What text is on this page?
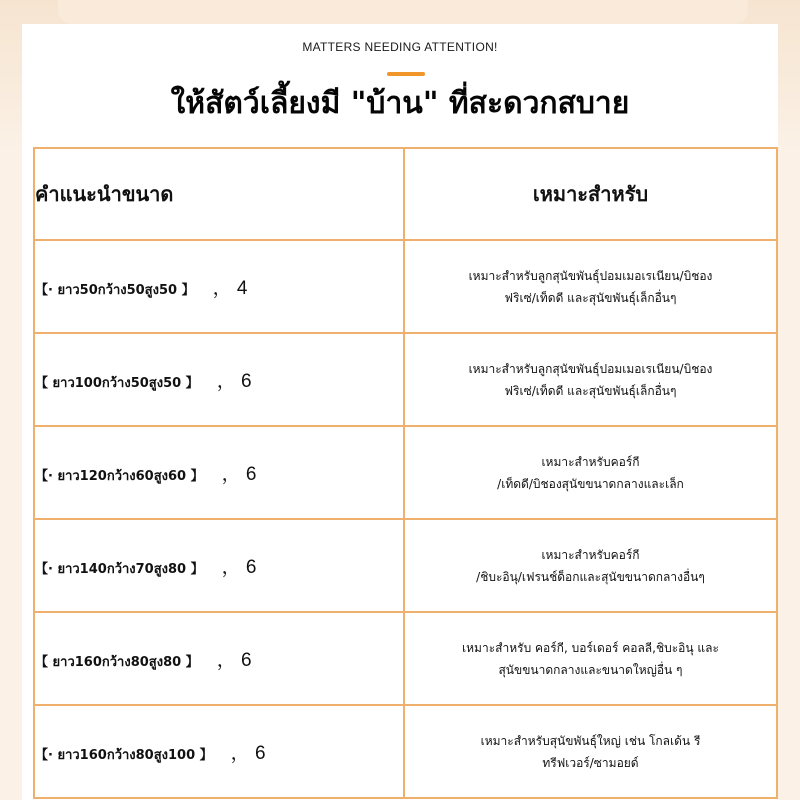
MATTERS NEEDING ATTENTION!
ให้สัตว์เลี้ยงมี "บ้าน" ที่สะดวกสบาย
คำแนะนำขนาด	เหมาะสำหรับ
【· ยาว50กว้าง50สูง50 】 ， 4	เหมาะสำหรับลูกสุนัขพันธุ์ปอมเมอเรเนียน/บิชอง
ฟริเซ่/เท็ดดี และสุนัขพันธุ์เล็กอื่นๆ

【 ยาว100กว้าง50สูง50 】 ， 6	เหมาะสำหรับลูกสุนัขพันธุ์ปอมเมอเรเนียน/บิชอง
ฟริเซ่/เท็ดดี และสุนัขพันธุ์เล็กอื่นๆ

【· ยาว120กว้าง60สูง60 】 ， 6	เหมาะสำหรับคอร์กี
/เท็ดดี/บิชองสุนัขขนาดกลางและเล็ก

【· ยาว140กว้าง70สูง80 】 ， 6	เหมาะสำหรับคอร์กี
/ชิบะอินุ/เฟรนช์ด็อกและสุนัขขนาดกลางอื่นๆ

【 ยาว160กว้าง80สูง80 】 ， 6	เหมาะสำหรับ คอร์กี, บอร์เดอร์ คอลลี,ชิบะอินุ และ
สุนัขขนาดกลางและขนาดใหญ่อื่น ๆ

【· ยาว160กว้าง80สูง100 】 ， 6	เหมาะสำหรับสุนัขพันธุ์ใหญ่ เช่น โกลเด้น รี
ทรีฟเวอร์/ซามอยด์
